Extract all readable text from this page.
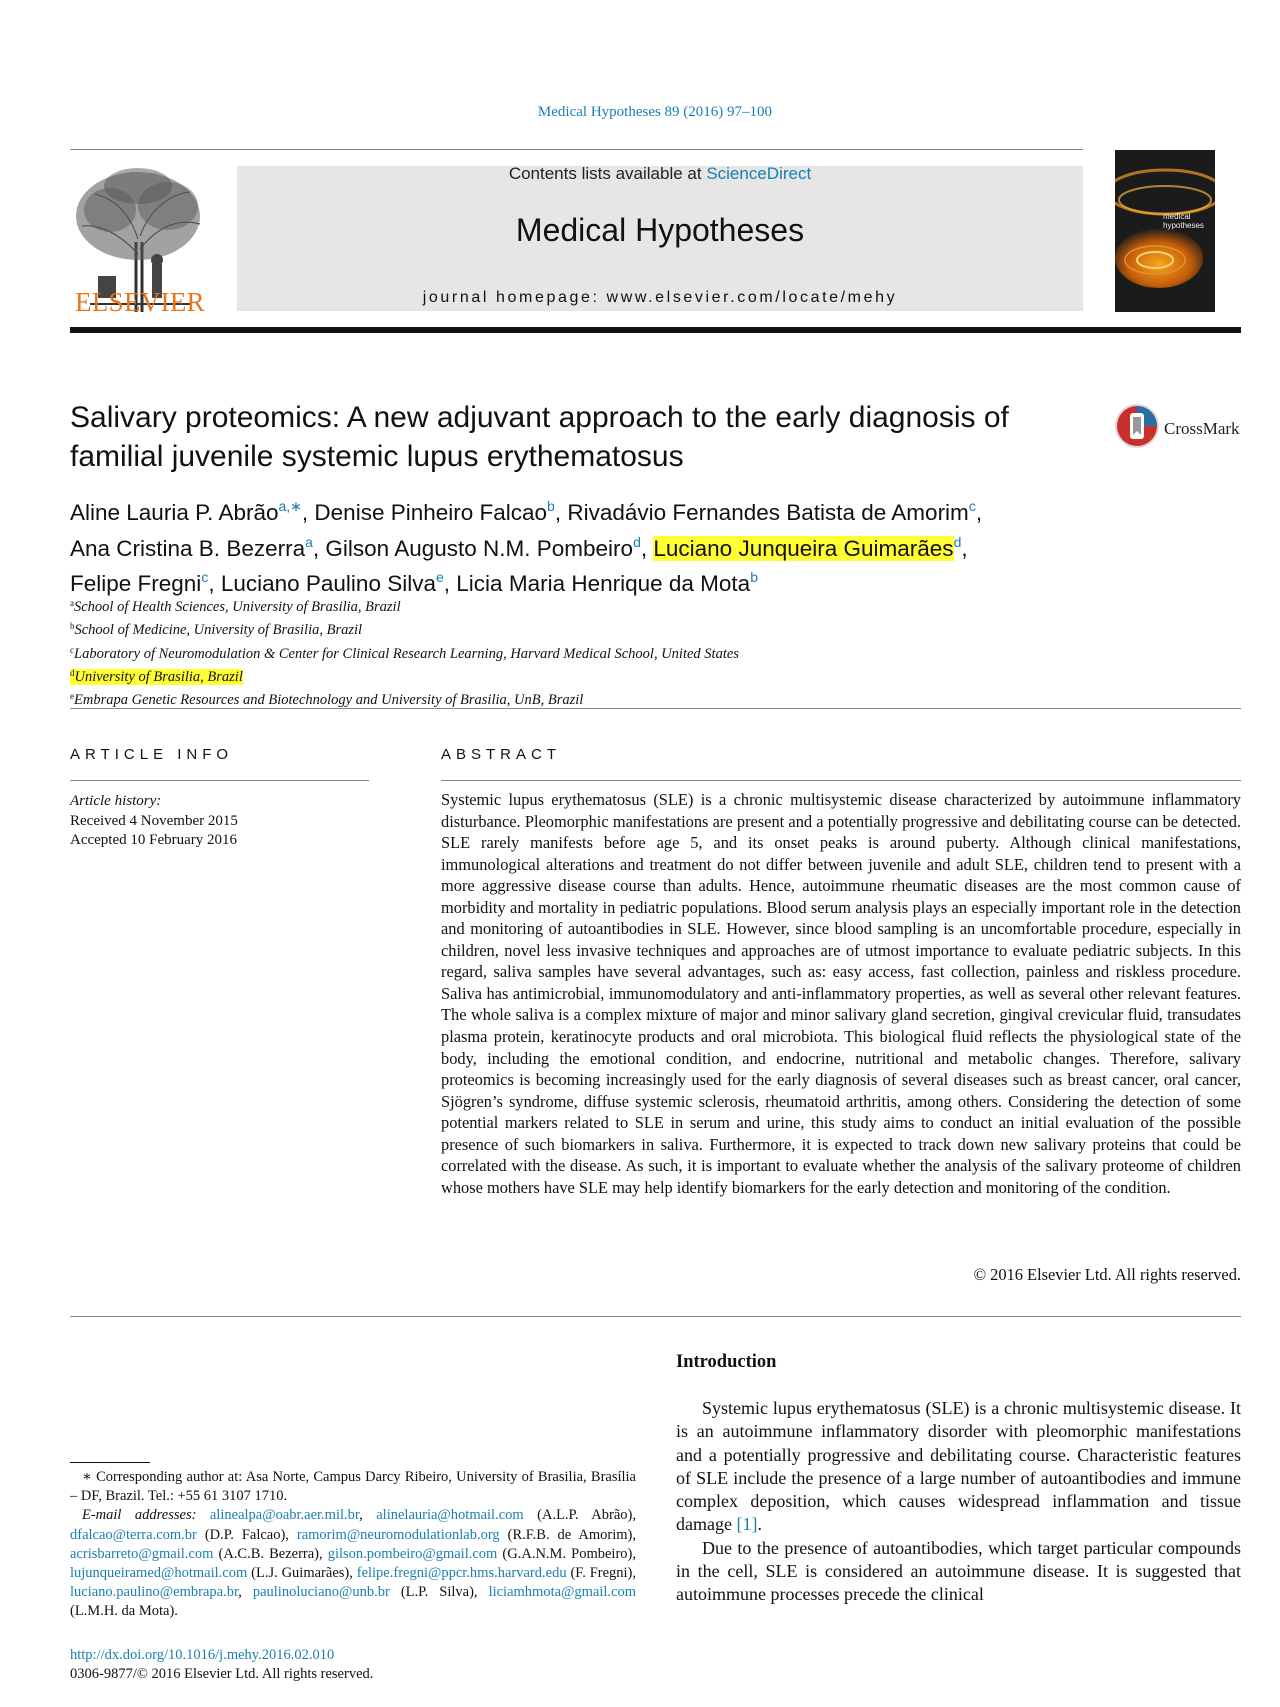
Medical Hypotheses 89 (2016) 97–100
ELSEVIER
Contents lists available at ScienceDirect
Medical Hypotheses
journal homepage: www.elsevier.com/locate/mehy
medical hypotheses
Salivary proteomics: A new adjuvant approach to the early diagnosis of familial juvenile systemic lupus erythematosus
CrossMark
Aline Lauria P. Abrão$^{a,∗}$, Denise Pinheiro Falcao$^b$, Rivadávio Fernandes Batista de Amorim$^c$,
Ana Cristina B. Bezerra$^a$, Gilson Augusto N.M. Pombeiro$^d$, Luciano Junqueira Guimarães$^d$,
Felipe Fregni$^c$, Luciano Paulino Silva$^e$, Licia Maria Henrique da Mota$^b$
$^a$School of Health Sciences, University of Brasilia, Brazil
$^b$School of Medicine, University of Brasilia, Brazil
$^c$Laboratory of Neuromodulation & Center for Clinical Research Learning, Harvard Medical School, United States
$^d$University of Brasilia, Brazil
$^e$Embrapa Genetic Resources and Biotechnology and University of Brasilia, UnB, Brazil
ARTICLE INFO
Article history:
Received 4 November 2015
Accepted 10 February 2016
ABSTRACT
Systemic lupus erythematosus (SLE) is a chronic multisystemic disease characterized by autoimmune inflammatory disturbance. Pleomorphic manifestations are present and a potentially progressive and debilitating course can be detected. SLE rarely manifests before age 5, and its onset peaks is around puberty. Although clinical manifestations, immunological alterations and treatment do not differ between juvenile and adult SLE, children tend to present with a more aggressive disease course than adults. Hence, autoimmune rheumatic diseases are the most common cause of morbidity and mortality in pediatric populations. Blood serum analysis plays an especially important role in the detection and monitoring of autoantibodies in SLE. However, since blood sampling is an uncomfortable procedure, especially in children, novel less invasive techniques and approaches are of utmost importance to evaluate pediatric subjects. In this regard, saliva samples have several advantages, such as: easy access, fast collection, painless and riskless procedure. Saliva has antimicrobial, immunomodulatory and anti-inflammatory properties, as well as several other relevant features. The whole saliva is a complex mixture of major and minor salivary gland secretion, gingival crevicular fluid, transudates plasma protein, keratinocyte products and oral microbiota. This biological fluid reflects the physiological state of the body, including the emotional condition, and endocrine, nutritional and metabolic changes. Therefore, salivary proteomics is becoming increasingly used for the early diagnosis of several diseases such as breast cancer, oral cancer, Sjögren’s syndrome, diffuse systemic sclerosis, rheumatoid arthritis, among others. Considering the detection of some potential markers related to SLE in serum and urine, this study aims to conduct an initial evaluation of the possible presence of such biomarkers in saliva. Furthermore, it is expected to track down new salivary proteins that could be correlated with the disease. As such, it is important to evaluate whether the analysis of the salivary proteome of children whose mothers have SLE may help identify biomarkers for the early detection and monitoring of the condition.
© 2016 Elsevier Ltd. All rights reserved.
Introduction

Systemic lupus erythematosus (SLE) is a chronic multisystemic disease. It is an autoimmune inflammatory disorder with pleomorphic manifestations and a potentially progressive and debilitating course. Characteristic features of SLE include the presence of a large number of autoantibodies and immune complex deposition, which causes widespread inflammation and tissue damage [1].

Due to the presence of autoantibodies, which target particular compounds in the cell, SLE is considered an autoimmune disease. It is suggested that autoimmune processes precede the clinical

∗ Corresponding author at: Asa Norte, Campus Darcy Ribeiro, University of Brasilia, Brasília – DF, Brazil. Tel.: +55 61 3107 1710.

E-mail addresses: alinealpa@oabr.aer.mil.br, alinelauria@hotmail.com (A.L.P. Abrão), dfalcao@terra.com.br (D.P. Falcao), ramorim@neuromodulationlab.org (R.F.B. de Amorim), acrisbarreto@gmail.com (A.C.B. Bezerra), gilson.pombeiro@gmail.com (G.A.N.M. Pombeiro), lujunqueiramed@hotmail.com (L.J. Guimarães), felipe.fregni@ppcr.hms.harvard.edu (F. Fregni), luciano.paulino@embrapa.br, paulinoluciano@unb.br (L.P. Silva), liciamhmota@gmail.com (L.M.H. da Mota).

http://dx.doi.org/10.1016/j.mehy.2016.02.010
0306-9877/© 2016 Elsevier Ltd. All rights reserved.
